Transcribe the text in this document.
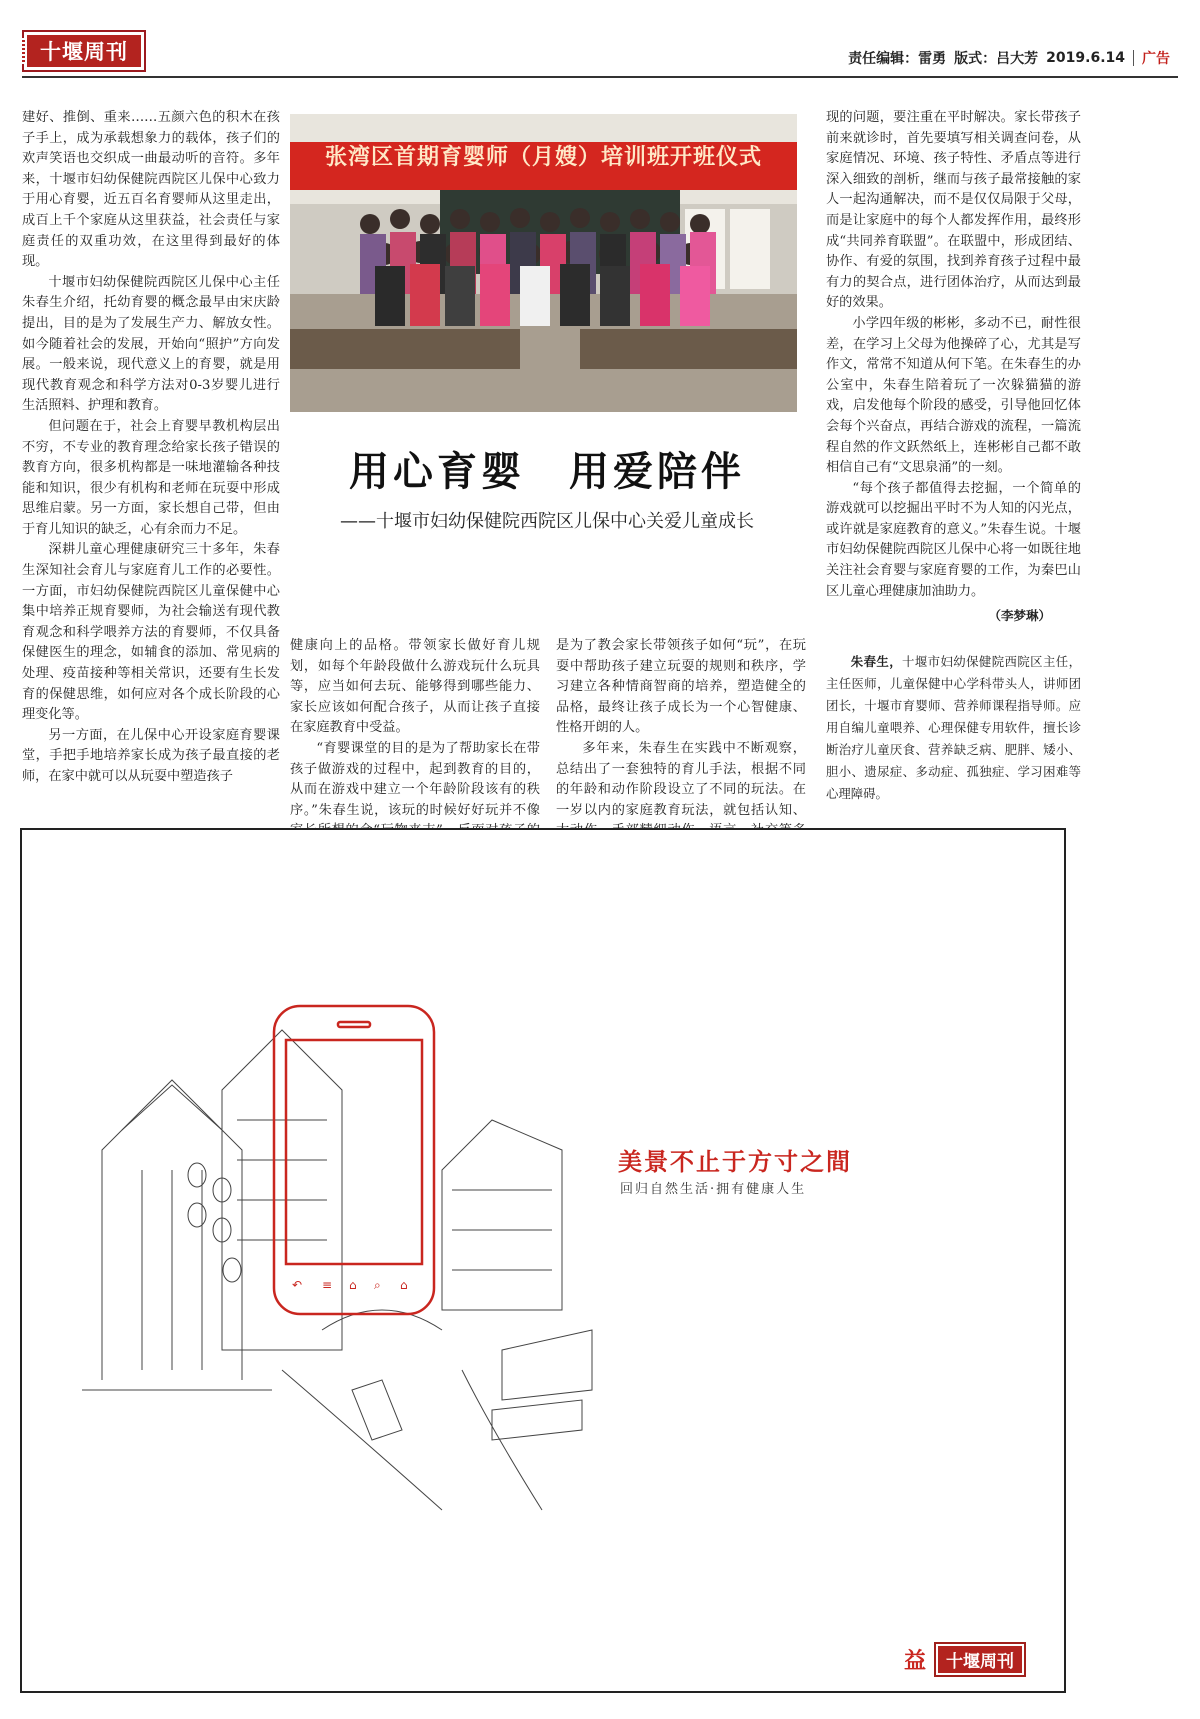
十堰周刊	责任编辑：雷勇 版式：吕大芳 2019.6.14 广告

建好、推倒、重来……五颜六色的积木在孩子手上，成为承载想象力的载体，孩子们的欢声笑语也交织成一曲最动听的音符。多年来，十堰市妇幼保健院西院区儿保中心致力于用心育婴，近五百名育婴师从这里走出，成百上千个家庭从这里获益，社会责任与家庭责任的双重功效，在这里得到最好的体现。

十堰市妇幼保健院西院区儿保中心主任朱春生介绍，托幼育婴的概念最早由宋庆龄提出，目的是为了发展生产力、解放女性。如今随着社会的发展，开始向“照护”方向发展。一般来说，现代意义上的育婴，就是用现代教育观念和科学方法对0-3岁婴儿进行生活照料、护理和教育。

但问题在于，社会上育婴早教机构层出不穷，不专业的教育理念给家长孩子错误的教育方向，很多机构都是一味地灌输各种技能和知识，很少有机构和老师在玩耍中形成思维启蒙。另一方面，家长想自己带，但由于育儿知识的缺乏，心有余而力不足。

深耕儿童心理健康研究三十多年，朱春生深知社会育儿与家庭育儿工作的必要性。一方面，市妇幼保健院西院区儿童保健中心集中培养正规育婴师，为社会输送有现代教育观念和科学喂养方法的育婴师，不仅具备保健医生的理念，如辅食的添加、常见病的处理、疫苗接种等相关常识，还要有生长发育的保健思维，如何应对各个成长阶段的心理变化等。

另一方面，在儿保中心开设家庭育婴课堂，手把手地培养家长成为孩子最直接的老师，在家中就可以从玩耍中塑造孩子

张湾区首期育婴师（月嫂）培训班开班仪式
用心育婴　用爱陪伴
——十堰市妇幼保健院西院区儿保中心关爱儿童成长

健康向上的品格。带领家长做好育儿规划，如每个年龄段做什么游戏玩什么玩具等，应当如何去玩、能够得到哪些能力、家长应该如何配合孩子，从而让孩子直接在家庭教育中受益。

“育婴课堂的目的是为了帮助家长在带孩子做游戏的过程中，起到教育的目的，从而在游戏中建立一个年龄阶段该有的秩序。”朱春生说，该玩的时候好好玩并不像

是为了教会家长带领孩子如何“玩”，在玩耍中帮助孩子建立玩耍的规则和秩序，学习建立各种情商智商的培养，塑造健全的品格，最终让孩子成长为一个心智健康、性格开朗的人。

多年来，朱春生在实践中不断观察，总结出了一套独特的育儿手法，根据不同的年龄和动作阶段设立了不同的玩法。在一岁以内的家庭教育玩法，就包括认知、

现的问题，要注重在平时解决。家长带孩子前来就诊时，首先要填写相关调查问卷，从家庭情况、环境、孩子特性、矛盾点等进行深入细致的剖析，继而与孩子最常接触的家人一起沟通解决，而不是仅仅局限于父母，而是让家庭中的每个人都发挥作用，最终形成“共同养育联盟”。在联盟中，形成团结、协作、有爱的氛围，找到养育孩子过程中最有力的契合点，进行团体治疗，从而达到最好的效果。

小学四年级的彬彬，多动不已，耐性很差，在学习上父母为他操碎了心，尤其是写作文，常常不知道从何下笔。在朱春生的办公室中，朱春生陪着玩了一次躲猫猫的游戏，启发他每个阶段的感受，引导他回忆体会每个兴奋点，再结合游戏的流程，一篇流程自然的作文跃然纸上，连彬彬自己都不敢相信自己有“文思泉涌”的一刻。

“每个孩子都值得去挖掘，一个简单的游戏就可以挖掘出平时不为人知的闪光点，或许就是家庭教育的意义。”朱春生说。十堰市妇幼保健院西院区儿保中心将一如既往地关注社会育婴与家庭育婴的工作，为秦巴山区儿童心理健康加油助力。

（李梦琳）

朱春生，十堰市妇幼保健院西院区主任，主任医师，儿童保健中心学科带头人，讲师团团长，十堰市育婴师、营养师课程指导师。应用自编儿童喂养、心理保健专用软件，擅长诊断治疗儿童厌食、营养缺乏病、肥胖、矮小、胆小、遗尿症、多动症、孤独症、学习困难等心理障碍。

↶ ≡ ⌂ ⌕ ⌂
美景不止于方寸之間
回归自然生活·拥有健康人生
益	十堰周刊
